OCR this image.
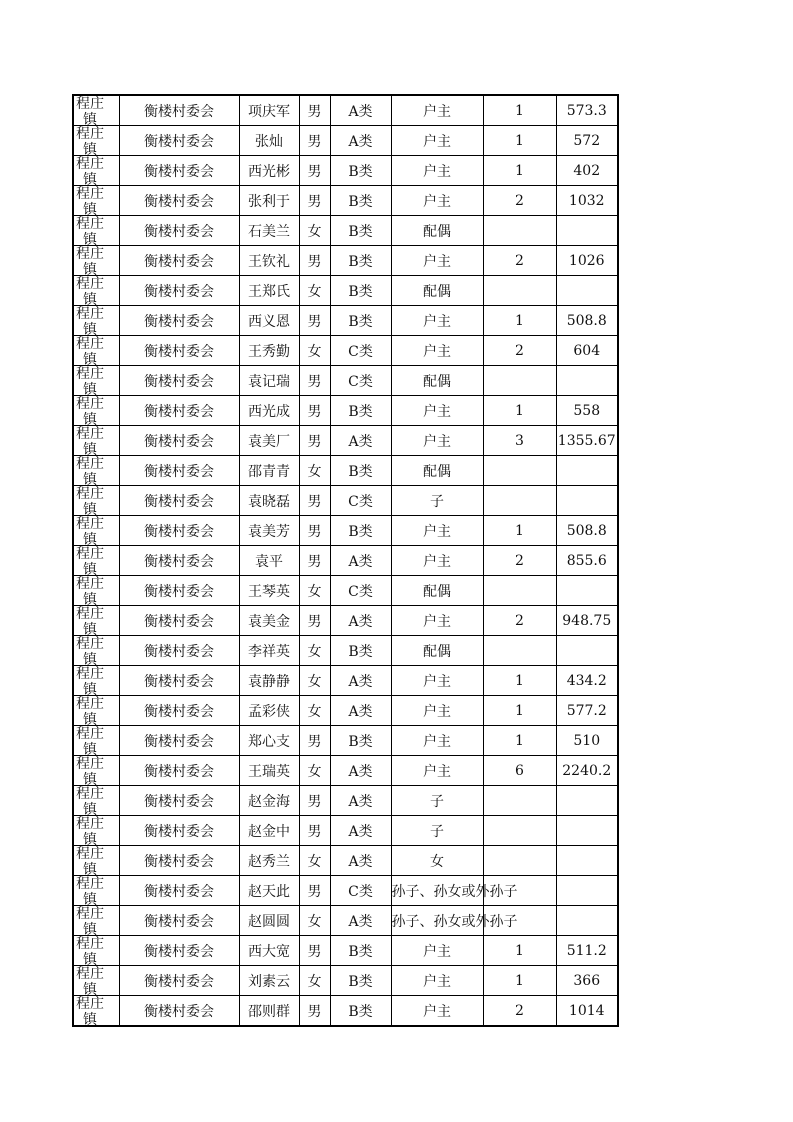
程庄镇	衡楼村委会	项庆军	男	A类	户主	1	573.3

程庄镇	衡楼村委会	张灿	男	A类	户主	1	572

程庄镇	衡楼村委会	西光彬	男	B类	户主	1	402

程庄镇	衡楼村委会	张利于	男	B类	户主	2	1032

程庄镇	衡楼村委会	石美兰	女	B类	配偶		

程庄镇	衡楼村委会	王钦礼	男	B类	户主	2	1026

程庄镇	衡楼村委会	王郑氏	女	B类	配偶		

程庄镇	衡楼村委会	西义恩	男	B类	户主	1	508.8

程庄镇	衡楼村委会	王秀勤	女	C类	户主	2	604

程庄镇	衡楼村委会	袁记瑞	男	C类	配偶		

程庄镇	衡楼村委会	西光成	男	B类	户主	1	558

程庄镇	衡楼村委会	袁美厂	男	A类	户主	3	1355.67

程庄镇	衡楼村委会	邵青青	女	B类	配偶		

程庄镇	衡楼村委会	袁晓磊	男	C类	子		

程庄镇	衡楼村委会	袁美芳	男	B类	户主	1	508.8

程庄镇	衡楼村委会	袁平	男	A类	户主	2	855.6

程庄镇	衡楼村委会	王琴英	女	C类	配偶		

程庄镇	衡楼村委会	袁美金	男	A类	户主	2	948.75

程庄镇	衡楼村委会	李祥英	女	B类	配偶		

程庄镇	衡楼村委会	袁静静	女	A类	户主	1	434.2

程庄镇	衡楼村委会	孟彩侠	女	A类	户主	1	577.2

程庄镇	衡楼村委会	郑心支	男	B类	户主	1	510

程庄镇	衡楼村委会	王瑞英	女	A类	户主	6	2240.2

程庄镇	衡楼村委会	赵金海	男	A类	子		

程庄镇	衡楼村委会	赵金中	男	A类	子		

程庄镇	衡楼村委会	赵秀兰	女	A类	女		

程庄镇	衡楼村委会	赵天此	男	C类	孙子、孙女或外孙子		

程庄镇	衡楼村委会	赵圆圆	女	A类	孙子、孙女或外孙子		

程庄镇	衡楼村委会	西大宽	男	B类	户主	1	511.2

程庄镇	衡楼村委会	刘素云	女	B类	户主	1	366

程庄镇	衡楼村委会	邵则群	男	B类	户主	2	1014
